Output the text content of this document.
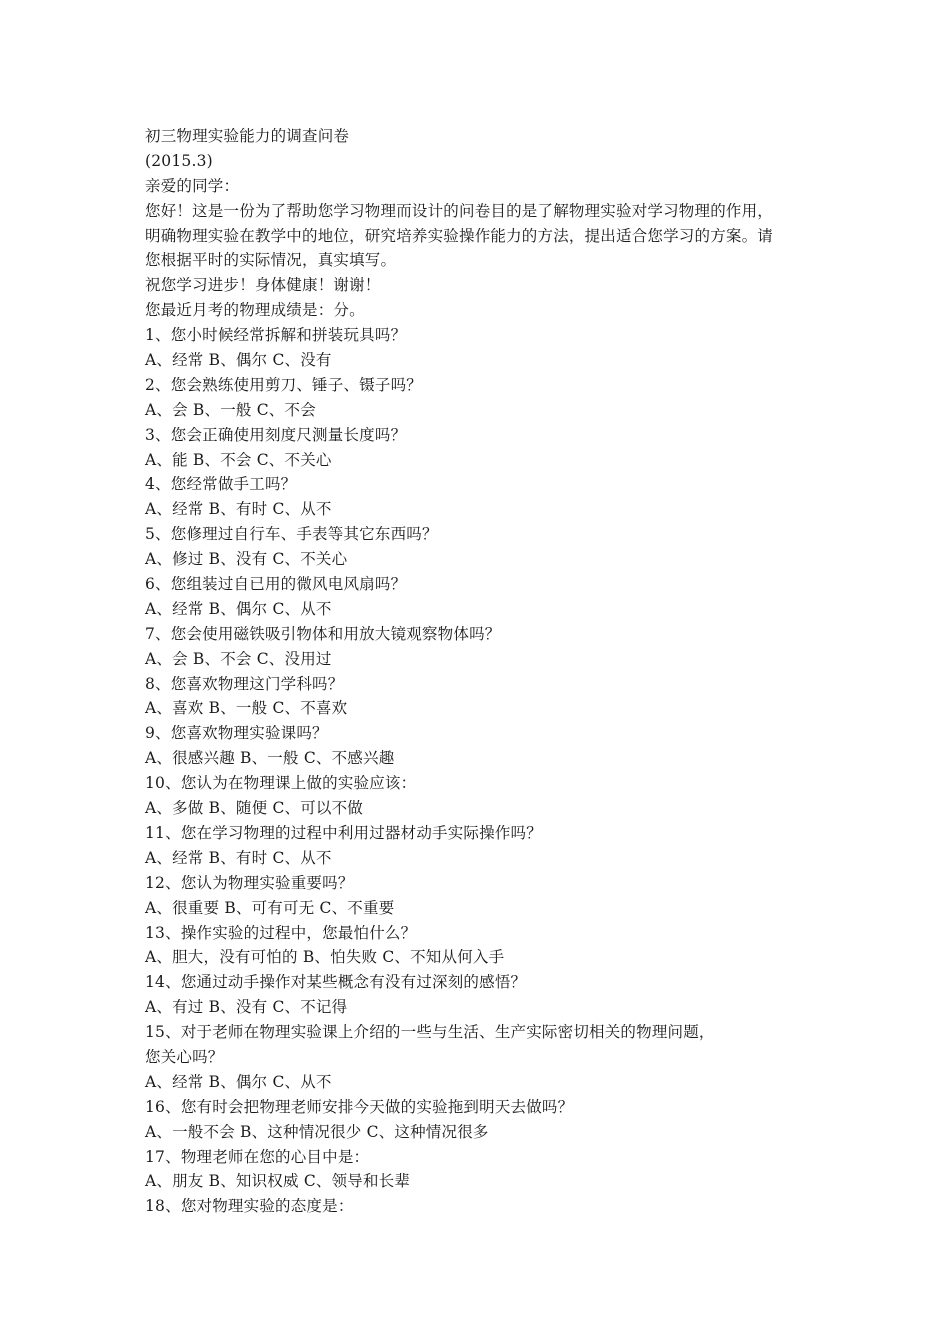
初三物理实验能力的调查问卷
(2015.3)
亲爱的同学：
您好！这是一份为了帮助您学习物理而设计的问卷目的是了解物理实验对学习物理的作用，
明确物理实验在教学中的地位，研究培养实验操作能力的方法，提出适合您学习的方案。请
您根据平时的实际情况，真实填写。
祝您学习进步！身体健康！谢谢！
您最近月考的物理成绩是：分。
1、您小时候经常拆解和拼装玩具吗？
A、经常 B、偶尔 C、没有
2、您会熟练使用剪刀、锤子、镊子吗？
A、会 B、一般 C、不会
3、您会正确使用刻度尺测量长度吗？
A、能 B、不会 C、不关心
4、您经常做手工吗？
A、经常 B、有时 C、从不
5、您修理过自行车、手表等其它东西吗？
A、修过 B、没有 C、不关心
6、您组装过自已用的微风电风扇吗？
A、经常 B、偶尔 C、从不
7、您会使用磁铁吸引物体和用放大镜观察物体吗？
A、会 B、不会 C、没用过
8、您喜欢物理这门学科吗？
A、喜欢 B、一般 C、不喜欢
9、您喜欢物理实验课吗？
A、很感兴趣 B、一般 C、不感兴趣
10、您认为在物理课上做的实验应该：
A、多做 B、随便 C、可以不做
11、您在学习物理的过程中利用过器材动手实际操作吗？
A、经常 B、有时 C、从不
12、您认为物理实验重要吗？
A、很重要 B、可有可无 C、不重要
13、操作实验的过程中，您最怕什么？
A、胆大，没有可怕的 B、怕失败 C、不知从何入手
14、您通过动手操作对某些概念有没有过深刻的感悟？
A、有过 B、没有 C、不记得
15、对于老师在物理实验课上介绍的一些与生活、生产实际密切相关的物理问题，
您关心吗？
A、经常 B、偶尔 C、从不
16、您有时会把物理老师安排今天做的实验拖到明天去做吗？
A、一般不会 B、这种情况很少 C、这种情况很多
17、物理老师在您的心目中是：
A、朋友 B、知识权威 C、领导和长辈
18、您对物理实验的态度是：
